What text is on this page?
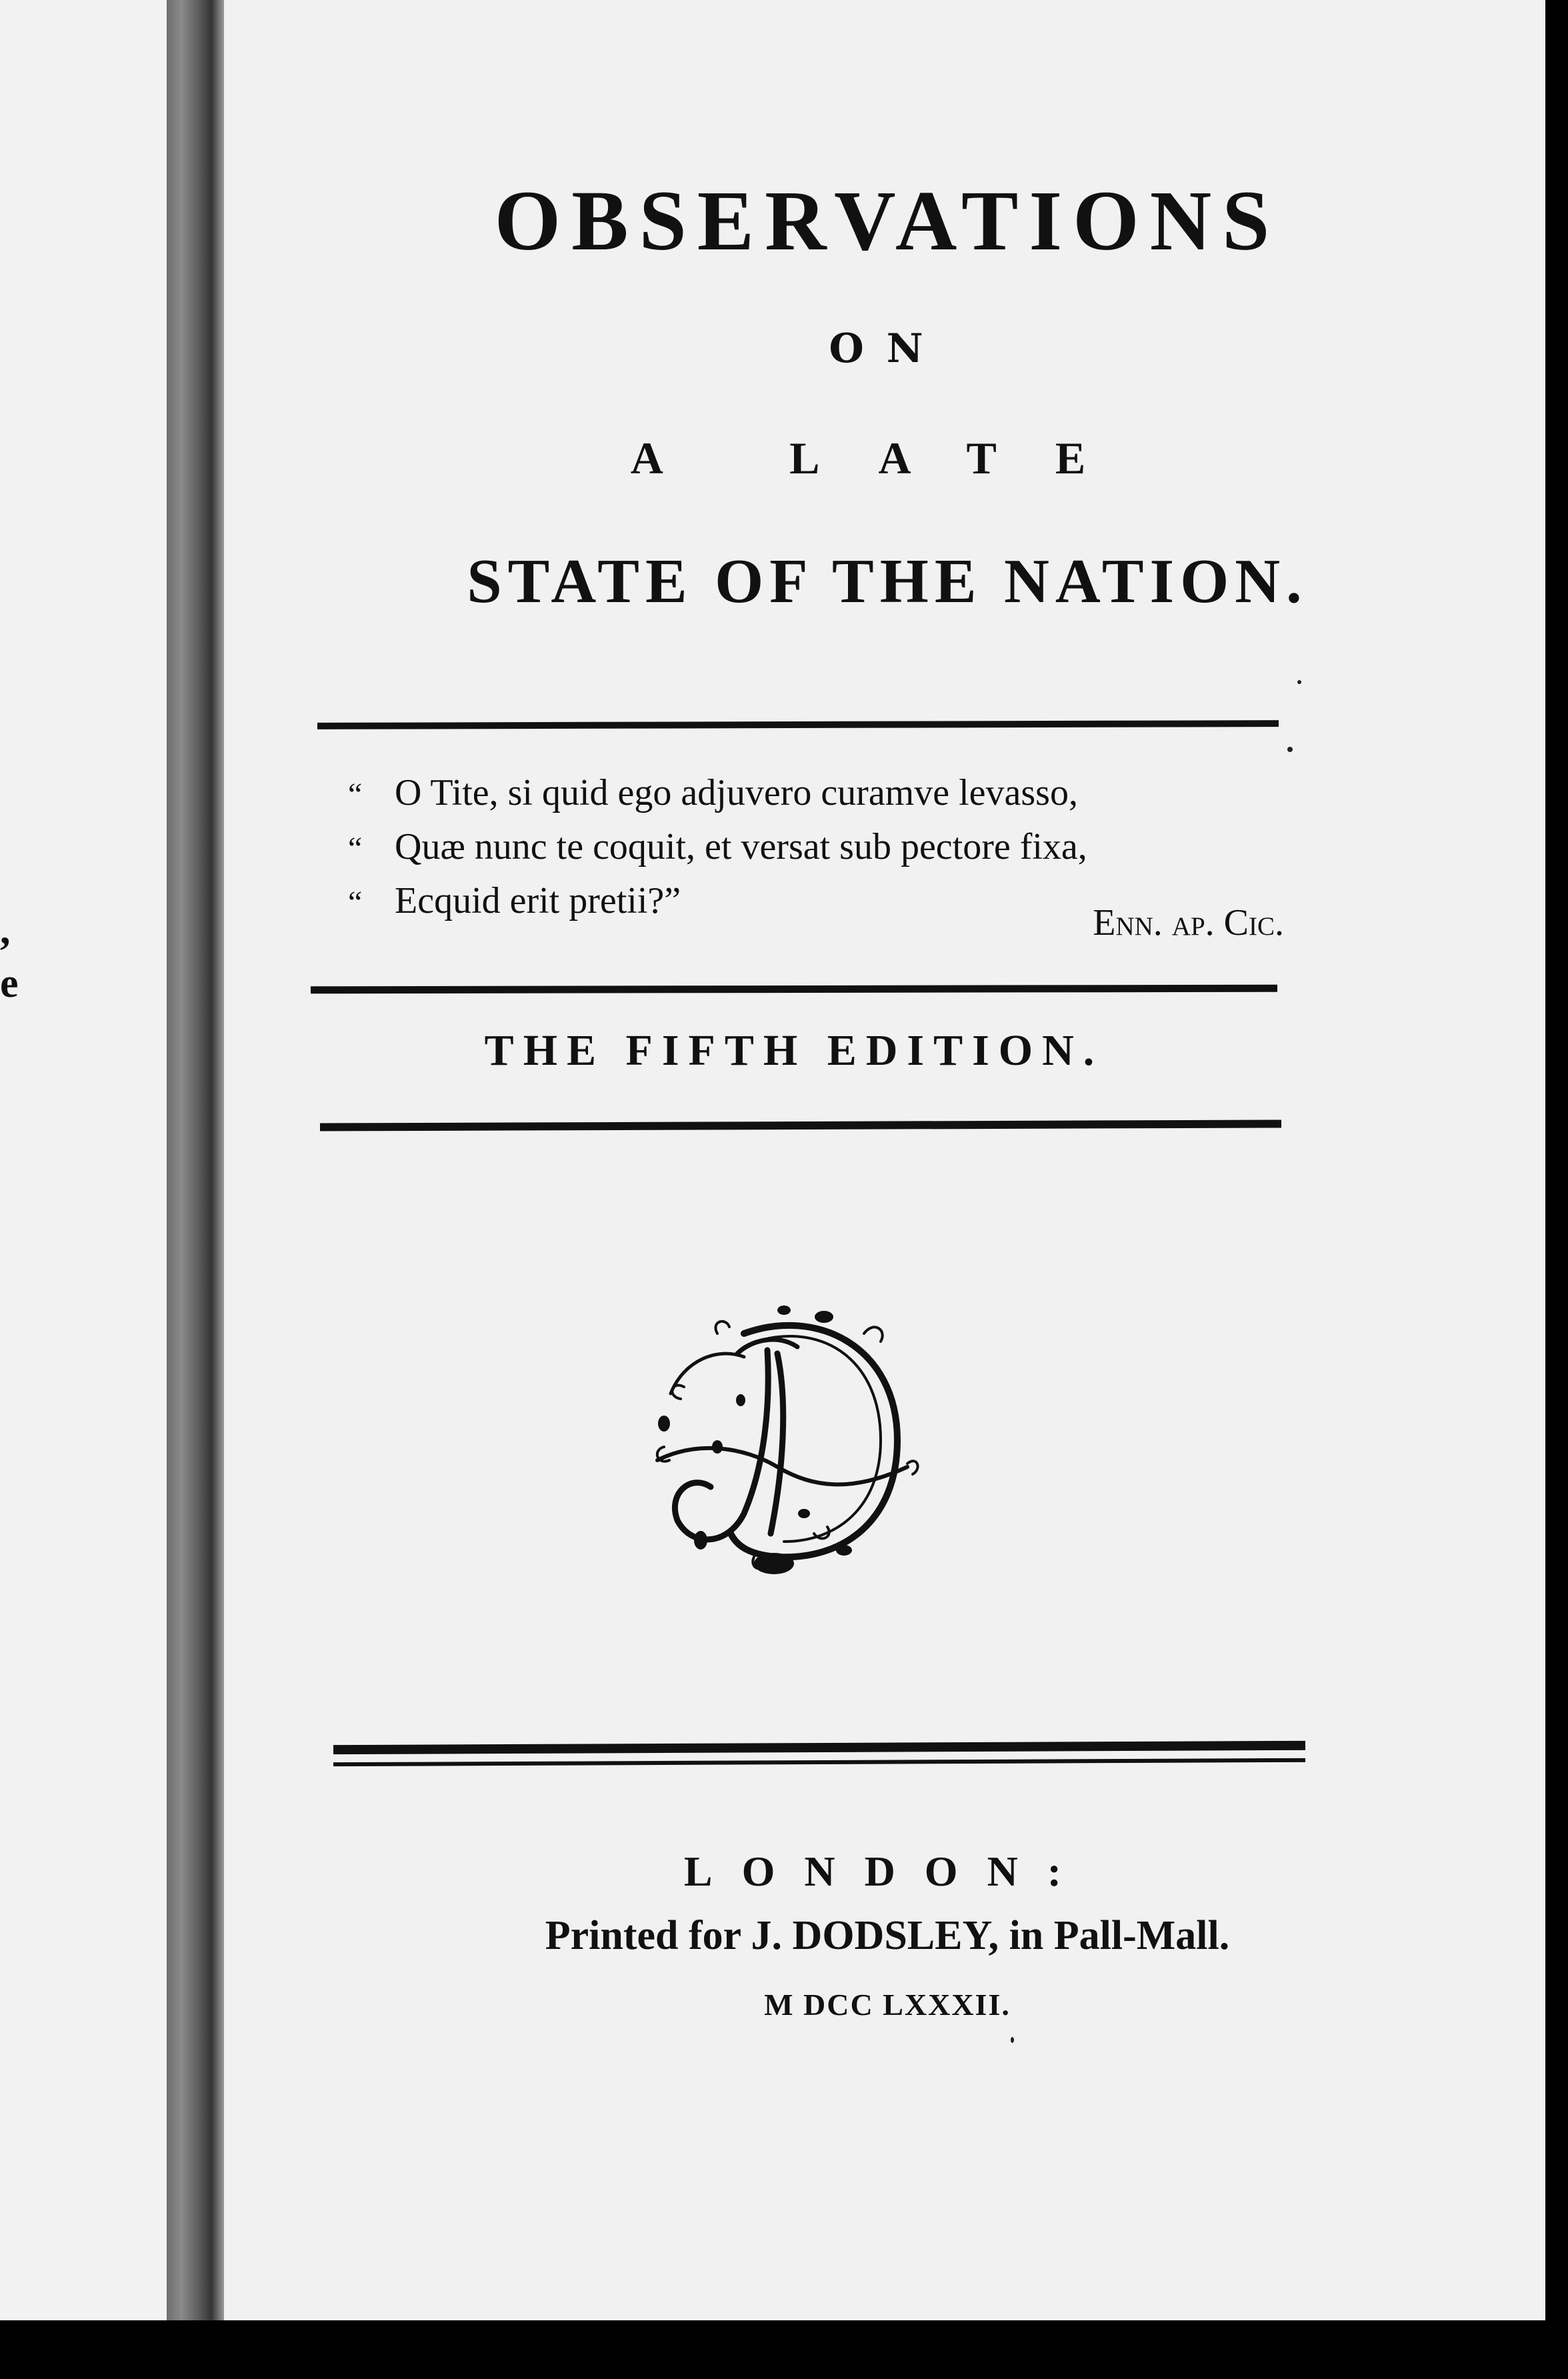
,
e
OBSERVATIONS
ON
A LATE
STATE OF THE NATION.
“ O Tite, si quid ego adjuvero curamve levasso,
“ Quæ nunc te coquit, et versat sub pectore fixa,
“ Ecquid erit pretii?”
Enn. ap. Cic.
THE FIFTH EDITION.
LONDON:
Printed for J. DODSLEY, in Pall-Mall.
M DCC LXXXII.
